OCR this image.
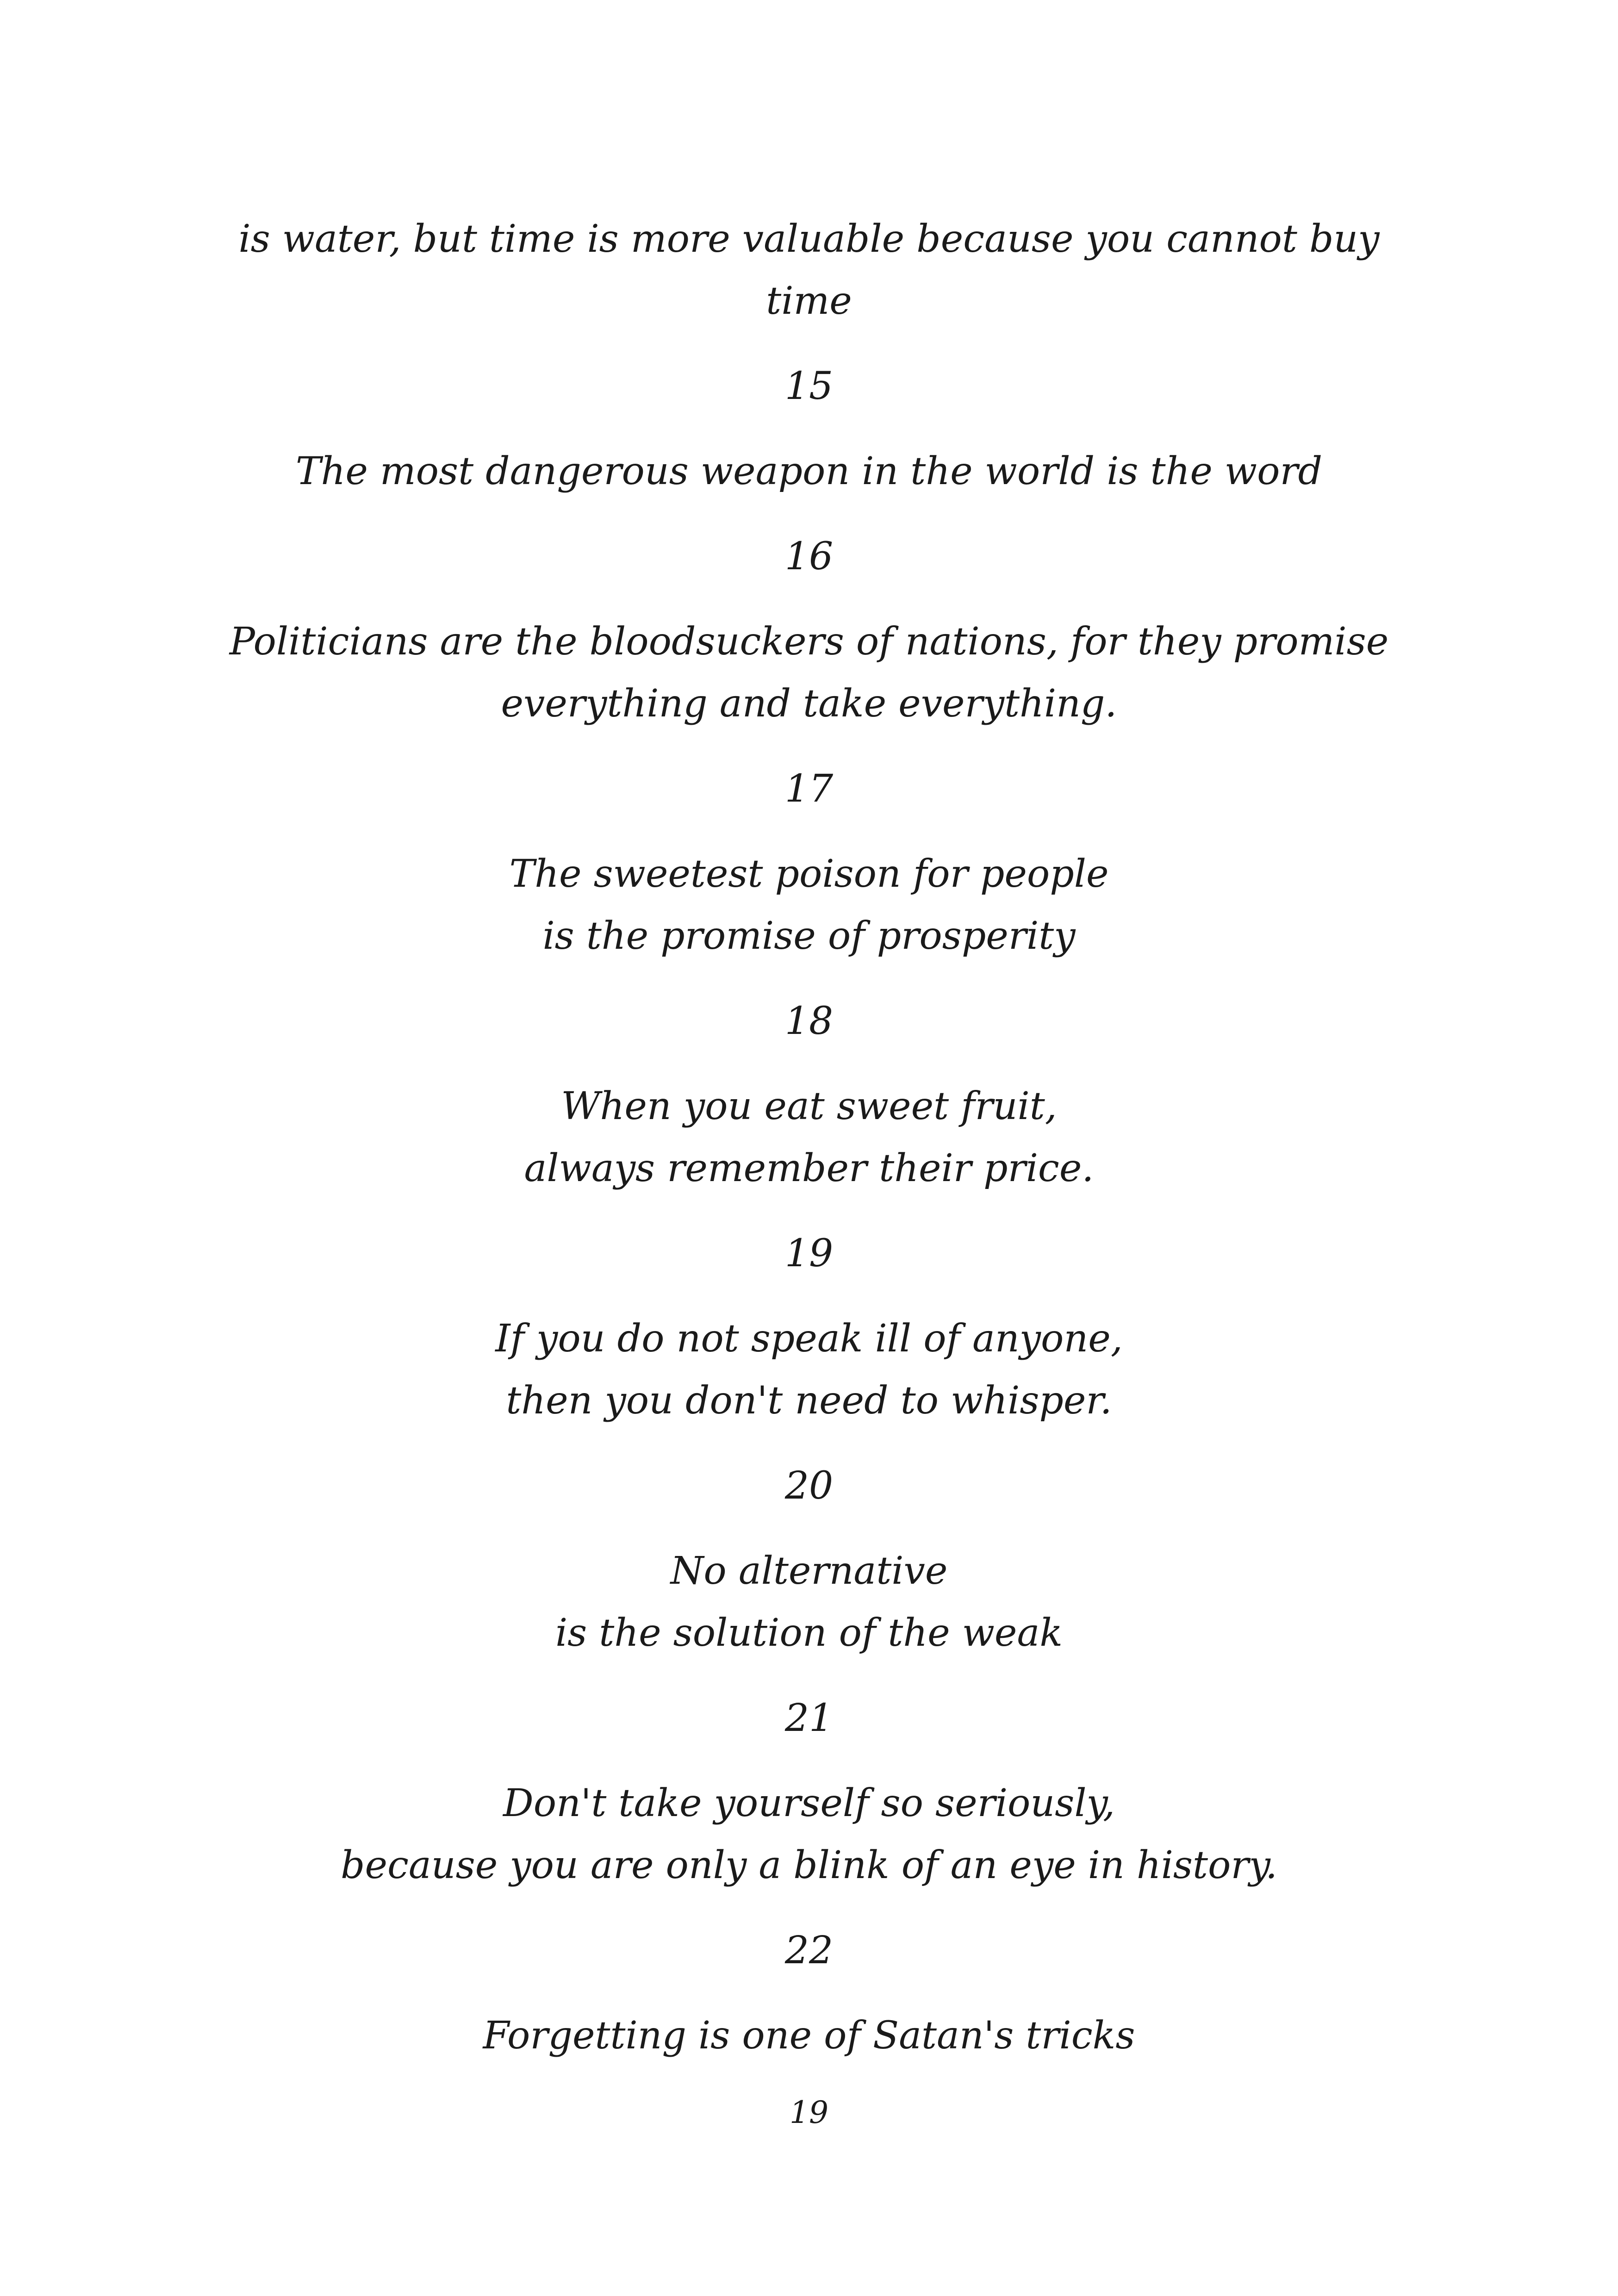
is water, but time is more valuable because you cannot buy
time
15
The most dangerous weapon in the world is the word
16
Politicians are the bloodsuckers of nations, for they promise
everything and take everything.
17
The sweetest poison for people
is the promise of prosperity
18
When you eat sweet fruit,
always remember their price.
19
If you do not speak ill of anyone,
then you don't need to whisper.
20
No alternative
is the solution of the weak
21
Don't take yourself so seriously,
because you are only a blink of an eye in history.
22
Forgetting is one of Satan's tricks
19
